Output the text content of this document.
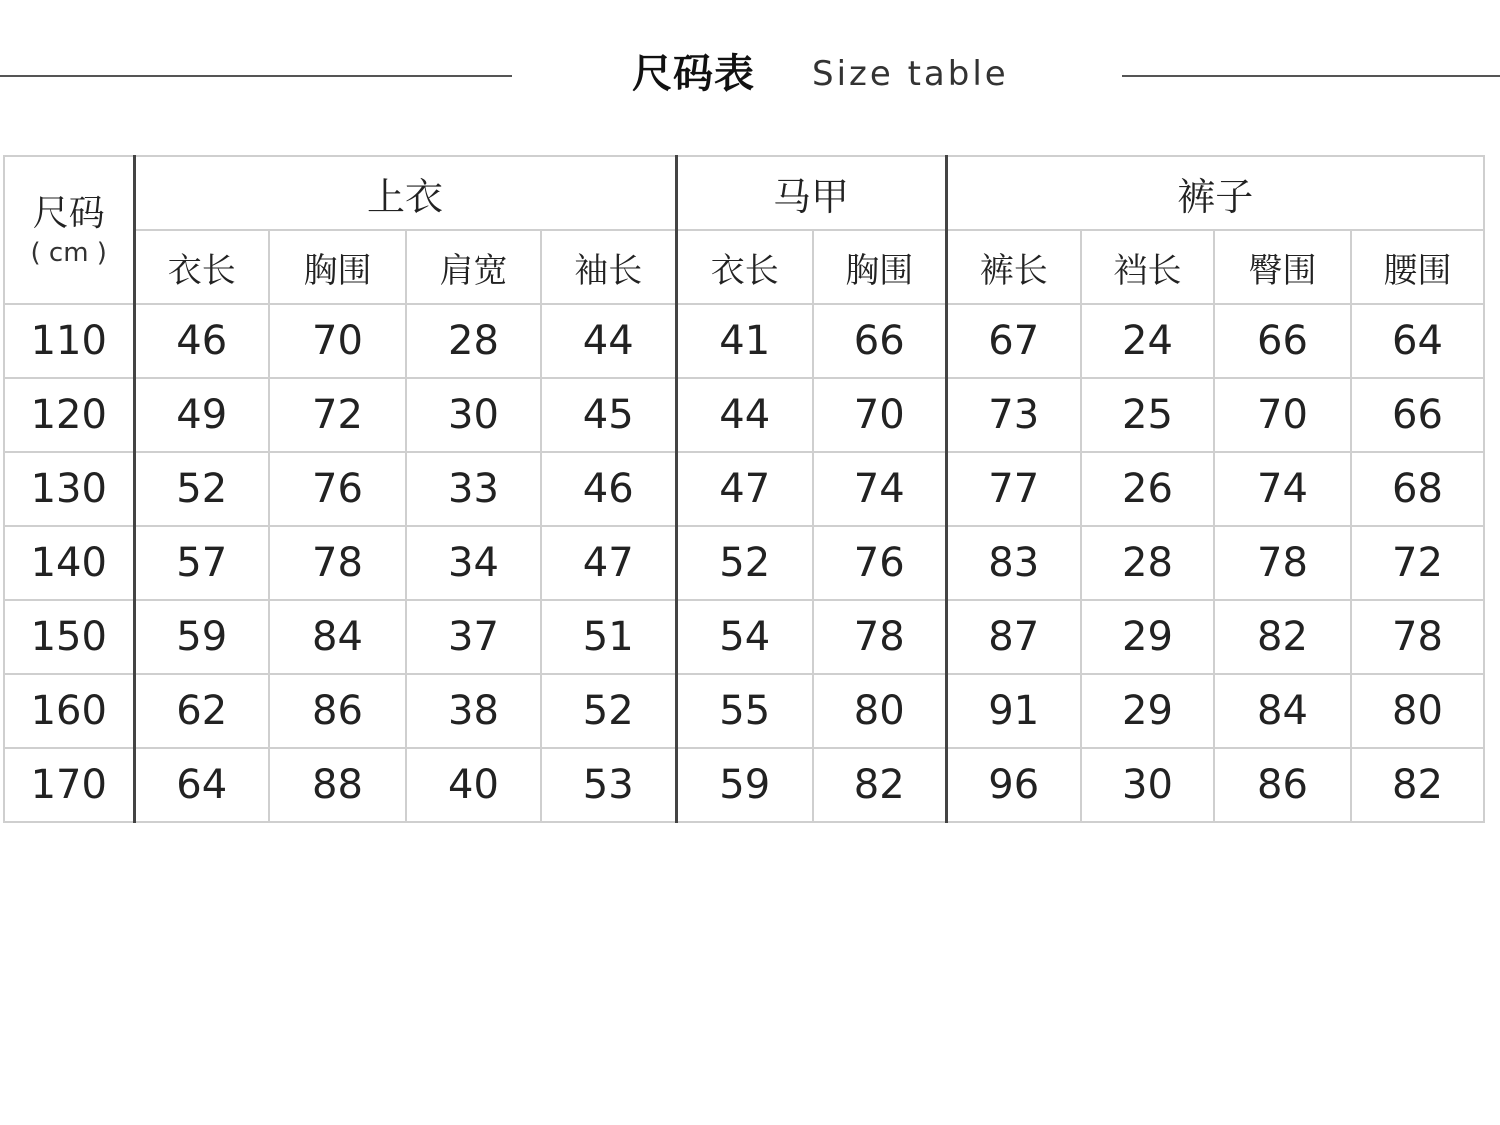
尺码表 Size table
尺码
( cm )	上衣				马甲		裤子			
	衣长	胸围	肩宽	袖长	衣长	胸围	裤长	裆长	臀围	腰围
110	46	70	28	44	41	66	67	24	66	64
120	49	72	30	45	44	70	73	25	70	66
130	52	76	33	46	47	74	77	26	74	68
140	57	78	34	47	52	76	83	28	78	72
150	59	84	37	51	54	78	87	29	82	78
160	62	86	38	52	55	80	91	29	84	80
170	64	88	40	53	59	82	96	30	86	82
